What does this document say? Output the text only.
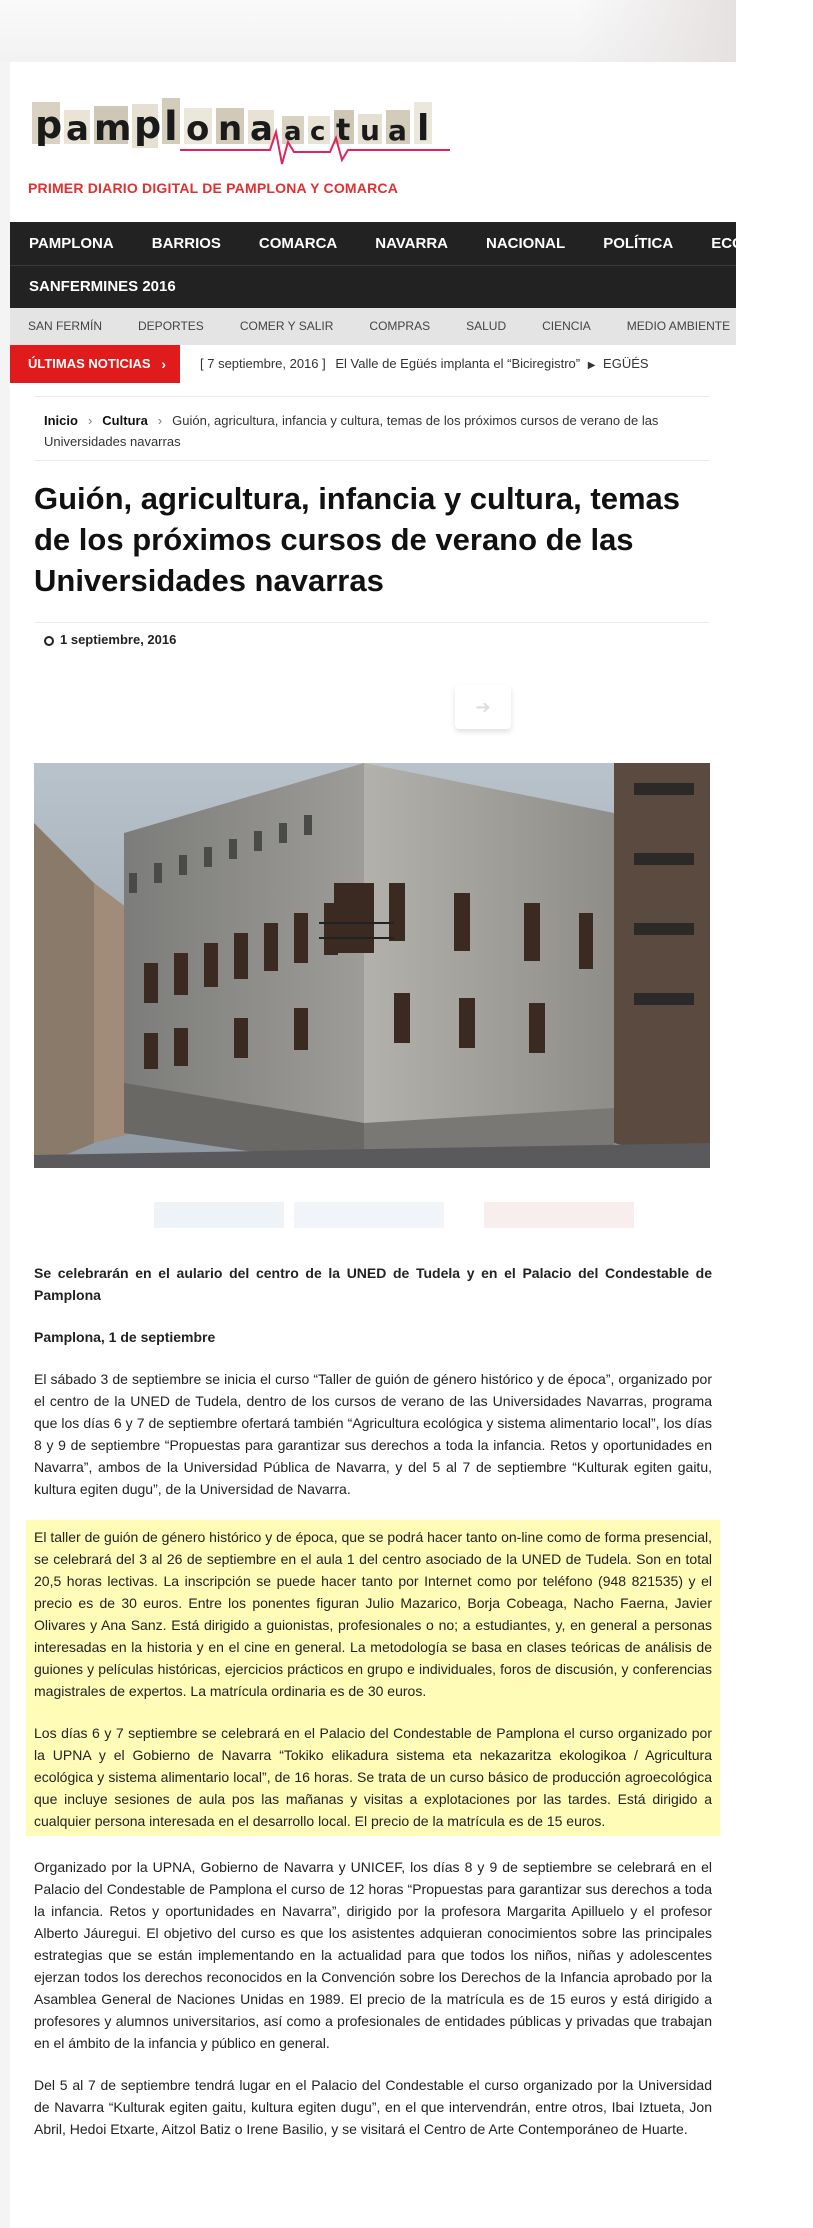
p a m p l o n a a c t u a l
PRIMER DIARIO DIGITAL DE PAMPLONA Y COMARCA
PAMPLONA	BARRIOS	COMARCA	NAVARRA	NACIONAL	POLÍTICA	ECONOMÍA
SANFERMINES 2016
SAN FERMÍN	DEPORTES	COMER Y SALIR	COMPRAS	SALUD	CIENCIA	MEDIO AMBIENTE
ÚLTIMAS NOTICIAS ›	[ 7 septiembre, 2016 ] El Valle de Egüés implanta el “Biciregistro” ▶ EGÜÉS
Inicio › Cultura › Guión, agricultura, infancia y cultura, temas de los próximos cursos de verano de las Universidades navarras
Guión, agricultura, infancia y cultura, temas de los próximos cursos de verano de las Universidades navarras
1 septiembre, 2016
➔

Se celebrarán en el aulario del centro de la UNED de Tudela y en el Palacio del Condestable de Pamplona

Pamplona, 1 de septiembre

El sábado 3 de septiembre se inicia el curso “Taller de guión de género histórico y de época”, organizado por el centro de la UNED de Tudela, dentro de los cursos de verano de las Universidades Navarras, programa que los días 6 y 7 de septiembre ofertará también “Agricultura ecológica y sistema alimentario local”, los días 8 y 9 de septiembre “Propuestas para garantizar sus derechos a toda la infancia. Retos y oportunidades en Navarra”, ambos de la Universidad Pública de Navarra, y del 5 al 7 de septiembre “Kulturak egiten gaitu, kultura egiten dugu”, de la Universidad de Navarra.

El taller de guión de género histórico y de época, que se podrá hacer tanto on-line como de forma presencial, se celebrará del 3 al 26 de septiembre en el aula 1 del centro asociado de la UNED de Tudela. Son en total 20,5 horas lectivas. La inscripción se puede hacer tanto por Internet como por teléfono (948 821535) y el precio es de 30 euros. Entre los ponentes figuran Julio Mazarico, Borja Cobeaga, Nacho Faerna, Javier Olivares y Ana Sanz. Está dirigido a guionistas, profesionales o no; a estudiantes, y, en general a personas interesadas en la historia y en el cine en general. La metodología se basa en clases teóricas de análisis de guiones y películas históricas, ejercicios prácticos en grupo e individuales, foros de discusión, y conferencias magistrales de expertos. La matrícula ordinaria es de 30 euros.

Los días 6 y 7 septiembre se celebrará en el Palacio del Condestable de Pamplona el curso organizado por la UPNA y el Gobierno de Navarra “Tokiko elikadura sistema eta nekazaritza ekologikoa / Agricultura ecológica y sistema alimentario local”, de 16 horas. Se trata de un curso básico de producción agroecológica que incluye sesiones de aula pos las mañanas y visitas a explotaciones por las tardes. Está dirigido a cualquier persona interesada en el desarrollo local. El precio de la matrícula es de 15 euros.

Organizado por la UPNA, Gobierno de Navarra y UNICEF, los días 8 y 9 de septiembre se celebrará en el Palacio del Condestable de Pamplona el curso de 12 horas “Propuestas para garantizar sus derechos a toda la infancia. Retos y oportunidades en Navarra”, dirigido por la profesora Margarita Apilluelo y el profesor Alberto Jáuregui. El objetivo del curso es que los asistentes adquieran conocimientos sobre las principales estrategias que se están implementando en la actualidad para que todos los niños, niñas y adolescentes ejerzan todos los derechos reconocidos en la Convención sobre los Derechos de la Infancia aprobado por la Asamblea General de Naciones Unidas en 1989. El precio de la matrícula es de 15 euros y está dirigido a profesores y alumnos universitarios, así como a profesionales de entidades públicas y privadas que trabajan en el ámbito de la infancia y público en general.

Del 5 al 7 de septiembre tendrá lugar en el Palacio del Condestable el curso organizado por la Universidad de Navarra “Kulturak egiten gaitu, kultura egiten dugu”, en el que intervendrán, entre otros, Ibai Iztueta, Jon Abril, Hedoi Etxarte, Aitzol Batiz o Irene Basilio, y se visitará el Centro de Arte Contemporáneo de Huarte.
